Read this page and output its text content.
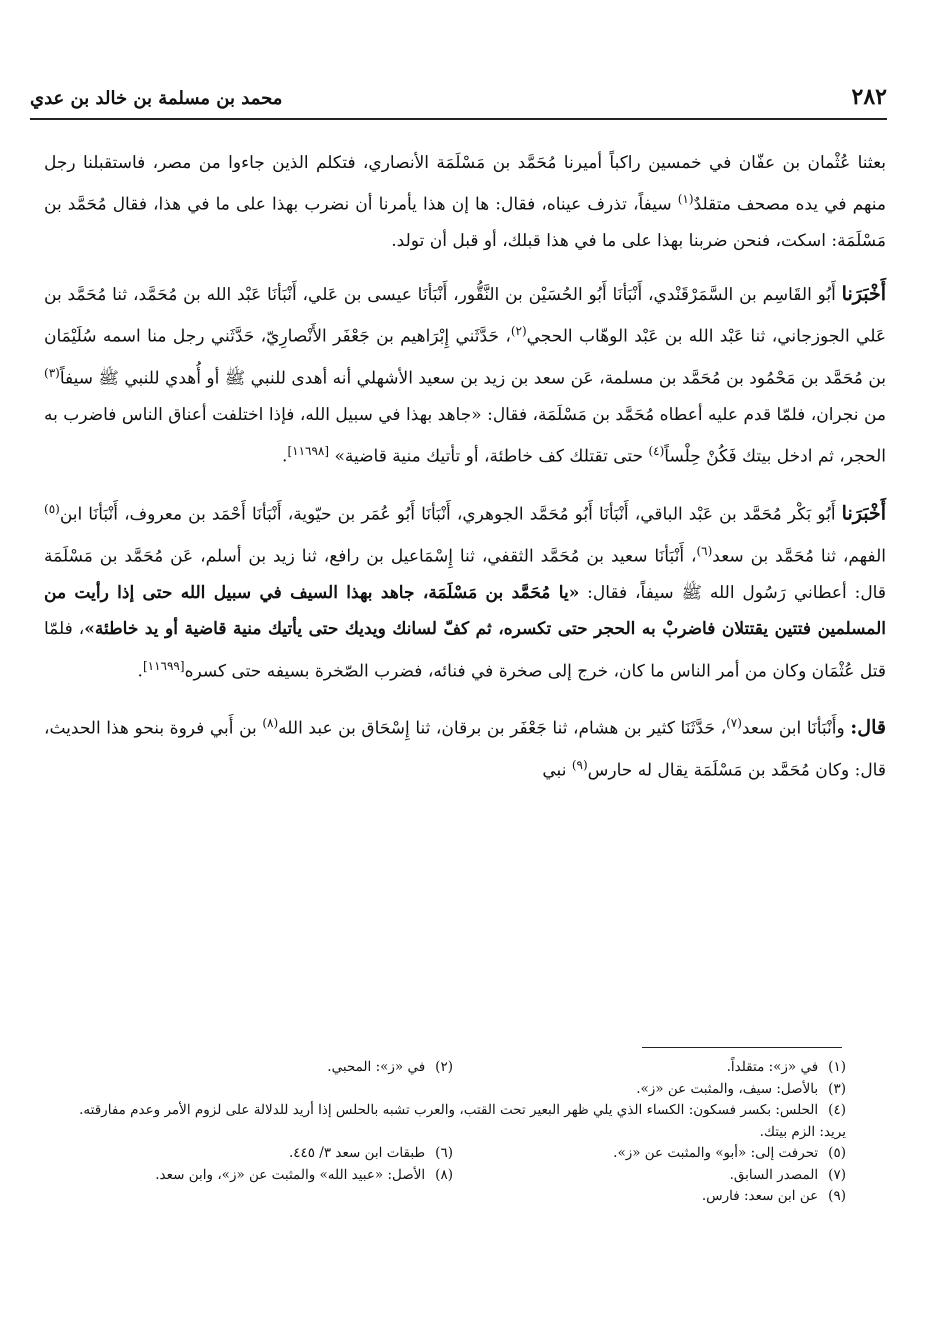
٢٨٢
محمد بن مسلمة بن خالد بن عدي

بعثنا عُثْمان بن عفّان في خمسين راكباً أميرنا مُحَمَّد بن مَسْلَمَة الأنصاري، فتكلم الذين جاءوا من مصر، فاستقبلنا رجل منهم في يده مصحف متقلدٌ$^{(١)}$ سيفاً، تذرف عيناه، فقال: ها إن هذا يأمرنا أن نضرب بهذا على ما في هذا، فقال مُحَمَّد بن مَسْلَمَة: اسكت، فنحن ضربنا بهذا على ما في هذا قبلك، أو قبل أن تولد.

أَخْبَرَنا أَبُو القَاسِم بن السَّمَرْقَنْدي، أَنْبَأنَا أَبُو الحُسَيْن بن النَّقُّور، أَنْبَأنَا عيسى بن عَلي، أَنْبَأنَا عَبْد الله بن مُحَمَّد، ثنا مُحَمَّد بن عَلي الجوزجاني، ثنا عَبْد الله بن عَبْد الوهّاب الحجي$^{(٢)}$، حَدَّثَني إِبْرَاهيم بن جَعْفَر الأَنْصارِيّ، حَدَّثَني رجل منا اسمه سُلَيْمَان بن مُحَمَّد بن مَحْمُود بن مُحَمَّد بن مسلمة، عَن سعد بن زيد بن سعيد الأشهلي أنه أهدى للنبي ﷺ أو أُهدي للنبي ﷺ سيفاً$^{(٣)}$ من نجران، فلمّا قدم عليه أعطاه مُحَمَّد بن مَسْلَمَة، فقال: «جاهد بهذا في سبيل الله، فإذا اختلفت أعناق الناس فاضرب به الحجر، ثم ادخل بيتك فَكُنْ حِلْساً$^{(٤)}$ حتى تقتلك كف خاطئة، أو تأتيك منية قاضية» [١١٦٩٨].

أَخْبَرَنا أَبُو بَكْر مُحَمَّد بن عَبْد الباقي، أَنْبَأنَا أَبُو مُحَمَّد الجوهري، أَنْبَأنَا أَبُو عُمَر بن حيّوية، أَنْبَأنَا أَحْمَد بن معروف، أَنْبَأنَا ابن$^{(٥)}$ الفهم، ثنا مُحَمَّد بن سعد$^{(٦)}$، أَنْبَأنَا سعيد بن مُحَمَّد الثقفي، ثنا إِسْمَاعيل بن رافع، ثنا زيد بن أسلم، عَن مُحَمَّد بن مَسْلَمَة قال: أعطاني رَسُول الله ﷺ سيفاً، فقال: «يا مُحَمَّد بن مَسْلَمَة، جاهد بهذا السيف في سبيل الله حتى إذا رأيت من المسلمين فتتين يقتتلان فاضربْ به الحجر حتى تكسره، ثم كفّ لسانك ويديك حتى يأتيك منية قاضية أو يد خاطئة»، فلمّا قتل عُثْمَان وكان من أمر الناس ما كان، خرج إلى صخرة في فنائه، فضرب الصّخرة بسيفه حتى كسره[١١٦٩٩].

قال: وأَنْبَأنَا ابن سعد$^{(٧)}$، حَدَّثَنَا كثير بن هشام، ثنا جَعْفَر بن برقان، ثنا إِسْحَاق بن عبد الله$^{(٨)}$ بن أَبي فروة بنحو هذا الحديث، قال: وكان مُحَمَّد بن مَسْلَمَة يقال له حارس$^{(٩)}$ نبي

(١)في «ز»: متقلداً.
(٢)في «ز»: المحبي.
(٣)بالأصل: سيف، والمثبت عن «ز».
(٤)الحلس: بكسر فسكون: الكساء الذي يلي ظهر البعير تحت القتب، والعرب تشبه بالحلس إذا أريد للدلالة على لزوم الأمر وعدم مفارقته. يريد: الزم بيتك.
(٥)تحرفت إلى: «أبو» والمثبت عن «ز».
(٦)طبقات ابن سعد ٣/ ٤٤٥.
(٧)المصدر السابق.
(٨)الأصل: «عبيد الله» والمثبت عن «ز»، وابن سعد.
(٩)عن ابن سعد: فارس.
